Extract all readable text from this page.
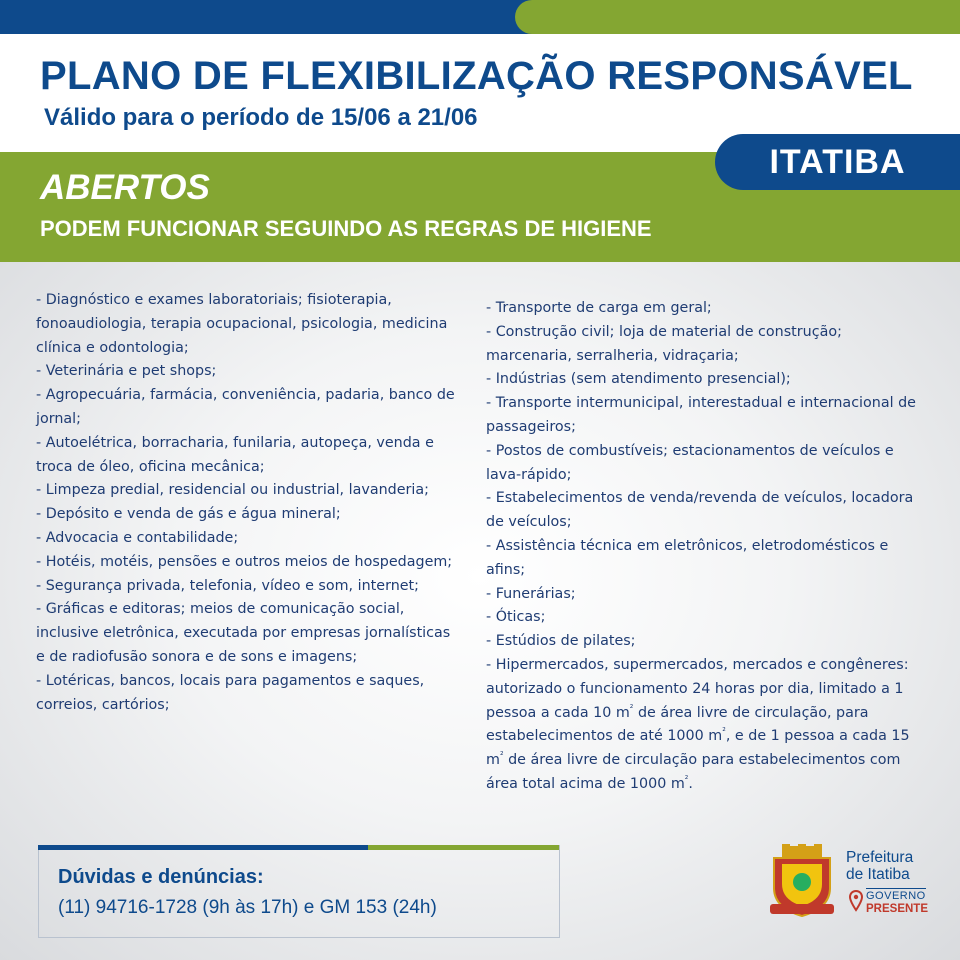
PLANO DE FLEXIBILIZAÇÃO RESPONSÁVEL
Válido para o período de 15/06 a 21/06
ITATIBA
ABERTOS
PODEM FUNCIONAR SEGUINDO AS REGRAS DE HIGIENE
- Diagnóstico e exames laboratoriais; fisioterapia, fonoaudiologia, terapia ocupacional, psicologia, medicina clínica e odontologia;
- Veterinária e pet shops;
- Agropecuária, farmácia, conveniência, padaria, banco de jornal;
- Autoelétrica, borracharia, funilaria, autopeça, venda e troca de óleo, oficina mecânica;
- Limpeza predial, residencial ou industrial, lavanderia;
- Depósito e venda de gás e água mineral;
- Advocacia e contabilidade;
- Hotéis, motéis, pensões e outros meios de hospedagem;
- Segurança privada, telefonia, vídeo e som, internet;
- Gráficas e editoras; meios de comunicação social, inclusive eletrônica, executada por empresas jornalísticas e de radiofusão sonora e de sons e imagens;
- Lotéricas, bancos, locais para pagamentos e saques, correios, cartórios;
- Transporte de carga em geral;
- Construção civil; loja de material de construção; marcenaria, serralheria, vidraçaria;
- Indústrias (sem atendimento presencial);
- Transporte intermunicipal, interestadual e internacional de passageiros;
- Postos de combustíveis; estacionamentos de veículos e lava-rápido;
- Estabelecimentos de venda/revenda de veículos, locadora de veículos;
- Assistência técnica em eletrônicos, eletrodomésticos e afins;
- Funerárias;
- Óticas;
- Estúdios de pilates;
- Hipermercados, supermercados, mercados e congêneres: autorizado o funcionamento 24 horas por dia, limitado a 1 pessoa a cada 10 $m^{^2}$ de área livre de circulação, para estabelecimentos de até 1000 $m^{^2}$, e de 1 pessoa a cada 15 $m^{^2}$ de área livre de circulação para estabelecimentos com área total acima de 1000 $m^{^2}$.
Dúvidas e denúncias:
(11) 94716-1728 (9h às 17h) e GM 153 (24h)
Prefeitura
de Itatiba
GOVERNO
PRESENTE
